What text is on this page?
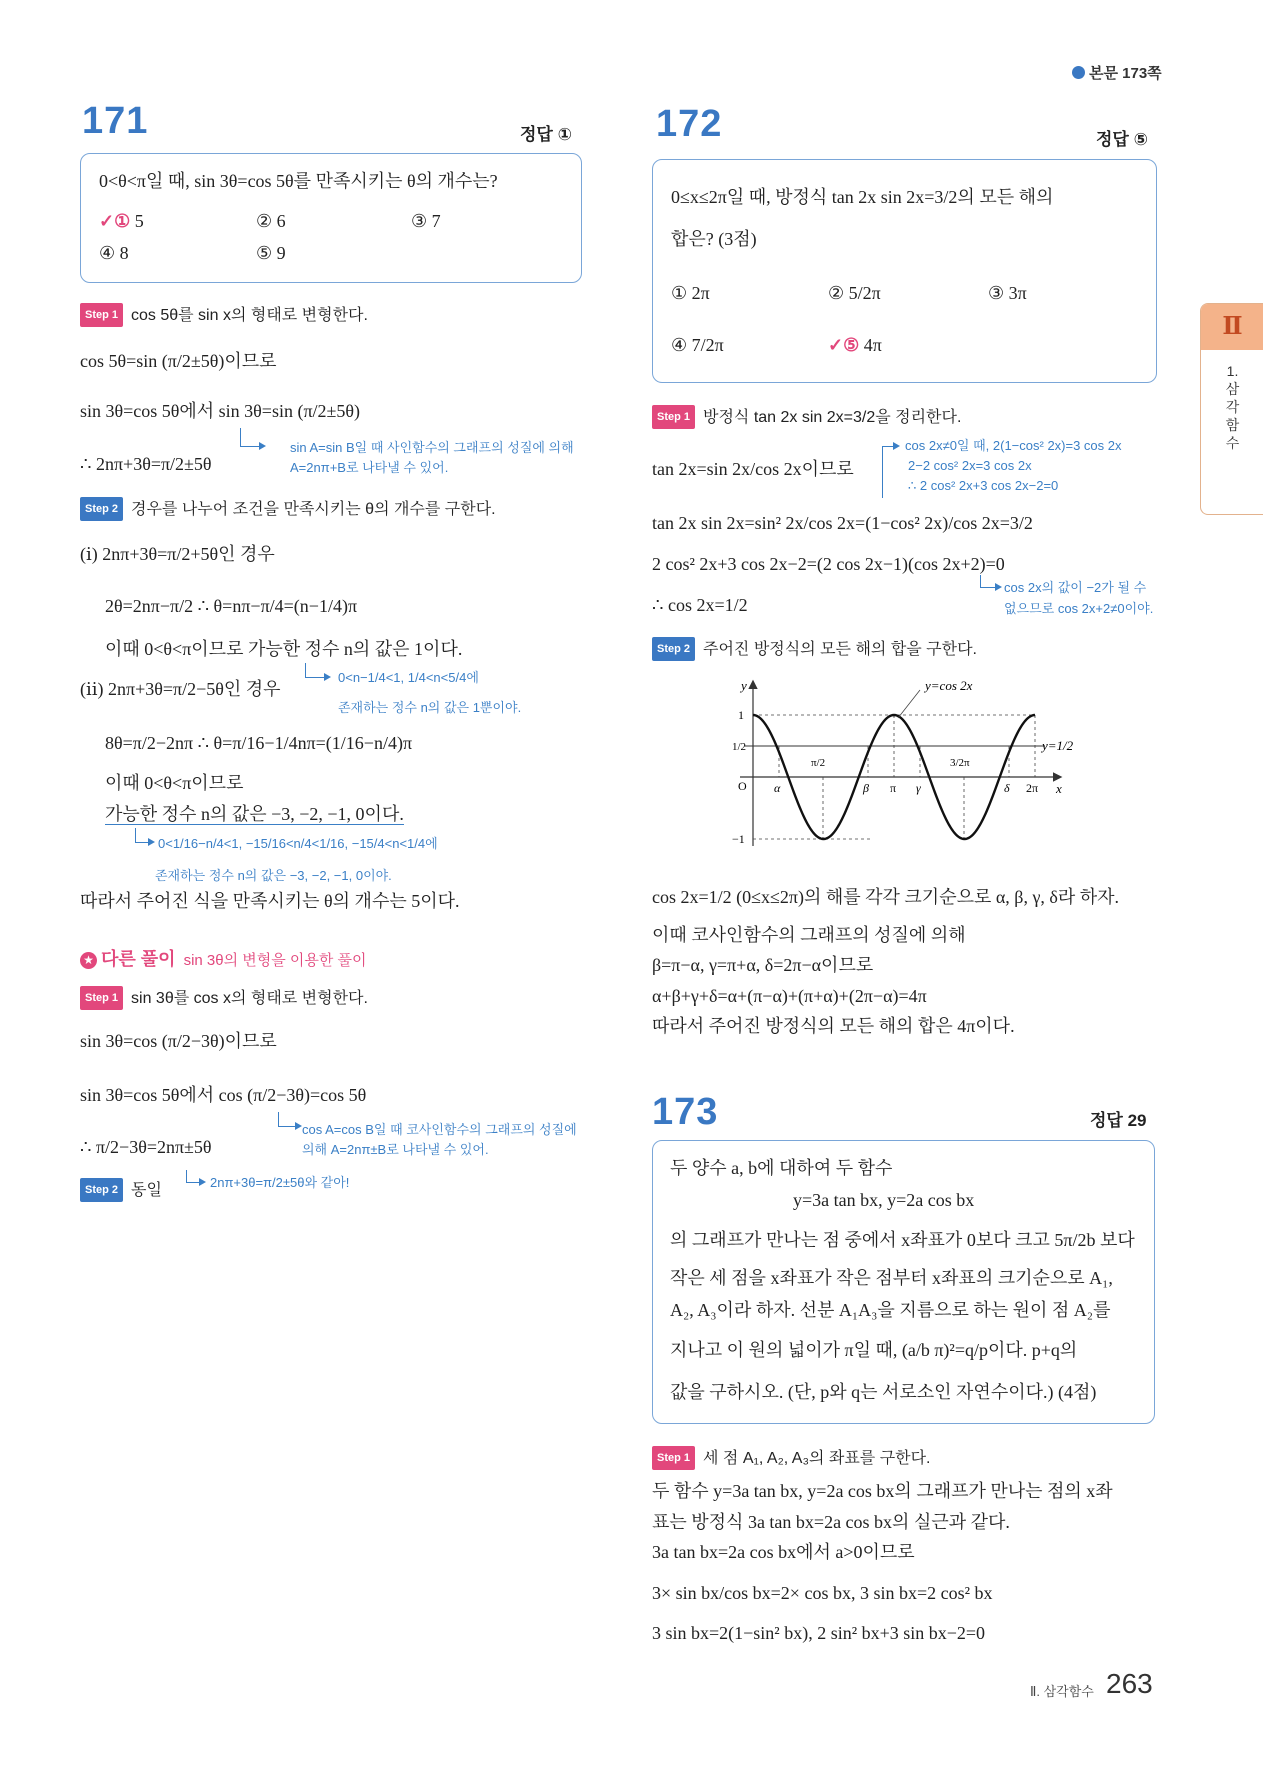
본문 173쪽
Ⅱ
1. 삼각함수
171	정답 ①
0<θ<π일 때, sin 3θ=cos 5θ를 만족시키는 θ의 개수는?
✓① 5	② 6	③ 7
④ 8	⑤ 9
Step 1 cos 5θ를 sin x의 형태로 변형한다.
cos 5θ=sin (π/2±5θ)이므로
sin 3θ=cos 5θ에서 sin 3θ=sin (π/2±5θ)
sin A=sin B일 때 사인함수의 그래프의 성질에 의해
A=2nπ+B로 나타낼 수 있어.
∴ 2nπ+3θ=π/2±5θ
Step 2 경우를 나누어 조건을 만족시키는 θ의 개수를 구한다.
(ⅰ) 2nπ+3θ=π/2+5θ인 경우
2θ=2nπ−π/2 ∴ θ=nπ−π/4=(n−1/4)π
이때 0<θ<π이므로 가능한 정수 n의 값은 1이다.
0<n−1/4<1, 1/4<n<5/4에
존재하는 정수 n의 값은 1뿐이야.
(ⅱ) 2nπ+3θ=π/2−5θ인 경우
8θ=π/2−2nπ ∴ θ=π/16−1/4nπ=(1/16−n/4)π
이때 0<θ<π이므로
가능한 정수 n의 값은 −3, −2, −1, 0이다.
0<1/16−n/4<1, −15/16<n/4<1/16, −15/4<n<1/4에
존재하는 정수 n의 값은 −3, −2, −1, 0이야.
따라서 주어진 식을 만족시키는 θ의 개수는 5이다.
★ 다른 풀이 sin 3θ의 변형을 이용한 풀이
Step 1 sin 3θ를 cos x의 형태로 변형한다.
sin 3θ=cos (π/2−3θ)이므로
sin 3θ=cos 5θ에서 cos (π/2−3θ)=cos 5θ
cos A=cos B일 때 코사인함수의 그래프의 성질에
의해 A=2nπ±B로 나타낼 수 있어.
∴ π/2−3θ=2nπ±5θ
Step 2 동일	2nπ+3θ=π/2±5θ와 같아!
172	정답 ⑤
0≤x≤2π일 때, 방정식 tan 2x sin 2x=3/2의 모든 해의
합은? (3점)
① 2π	② 5/2π	③ 3π
④ 7/2π	✓⑤ 4π
Step 1 방정식 tan 2x sin 2x=3/2을 정리한다.
tan 2x=sin 2x/cos 2x이므로
tan 2x sin 2x=sin² 2x/cos 2x=(1−cos² 2x)/cos 2x=3/2
cos 2x≠0일 때, 2(1−cos² 2x)=3 cos 2x
2−2 cos² 2x=3 cos 2x
∴ 2 cos² 2x+3 cos 2x−2=0
2 cos² 2x+3 cos 2x−2=(2 cos 2x−1)(cos 2x+2)=0
∴ cos 2x=1/2
cos 2x의 값이 −2가 될 수
없으므로 cos 2x+2≠0이야.
Step 2 주어진 방정식의 모든 해의 합을 구한다.
y=cos 2x
y=1/2
y
x
1
1/2
O
−1
α
π/2
β π γ
3/2π
δ 2π
cos 2x=1/2 (0≤x≤2π)의 해를 각각 크기순으로 α, β, γ, δ라 하자.
이때 코사인함수의 그래프의 성질에 의해
β=π−α, γ=π+α, δ=2π−α이므로
α+β+γ+δ=α+(π−α)+(π+α)+(2π−α)=4π
따라서 주어진 방정식의 모든 해의 합은 4π이다.
173	정답 29
두 양수 a, b에 대하여 두 함수
y=3a tan bx, y=2a cos bx
의 그래프가 만나는 점 중에서 x좌표가 0보다 크고 5π/2b 보다
작은 세 점을 x좌표가 작은 점부터 x좌표의 크기순으로 A₁,
A₂, A₃이라 하자. 선분 A₁A₃을 지름으로 하는 원이 점 A₂를
지나고 이 원의 넓이가 π일 때, (a/b π)²=q/p이다. p+q의
값을 구하시오. (단, p와 q는 서로소인 자연수이다.) (4점)
Step 1 세 점 A₁, A₂, A₃의 좌표를 구한다.
두 함수 y=3a tan bx, y=2a cos bx의 그래프가 만나는 점의 x좌
표는 방정식 3a tan bx=2a cos bx의 실근과 같다.
3a tan bx=2a cos bx에서 a>0이므로
3× sin bx/cos bx=2× cos bx, 3 sin bx=2 cos² bx
3 sin bx=2(1−sin² bx), 2 sin² bx+3 sin bx−2=0
Ⅱ. 삼각함수 263
